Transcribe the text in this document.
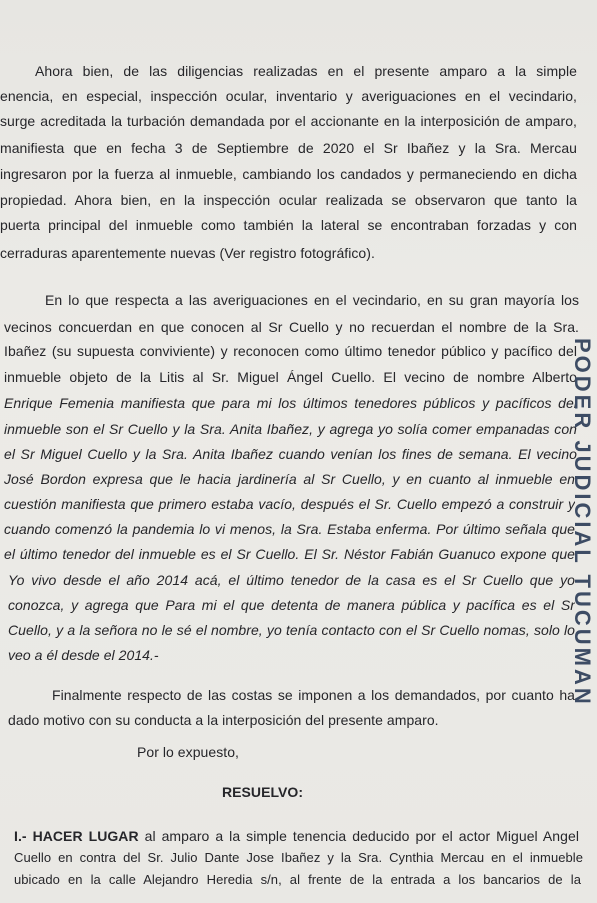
Ahora bien, de las diligencias realizadas en el presente amparo a la simple
enencia, en especial, inspección ocular, inventario y averiguaciones en el vecindario,
surge acreditada la turbación demandada por el accionante en la interposición de amparo,
manifiesta que en fecha 3 de Septiembre de 2020 el Sr Ibañez y la Sra. Mercau
ingresaron por la fuerza al inmueble, cambiando los candados y permaneciendo en dicha
propiedad. Ahora bien, en la inspección ocular realizada se observaron que tanto la
puerta principal del inmueble como también la lateral se encontraban forzadas y con
cerraduras aparentemente nuevas (Ver registro fotográfico).
En lo que respecta a las averiguaciones en el vecindario, en su gran mayoría los
vecinos concuerdan en que conocen al Sr Cuello y no recuerdan el nombre de la Sra.
Ibañez (su supuesta conviviente) y reconocen como último tenedor público y pacífico del
inmueble objeto de la Litis al Sr. Miguel Ángel Cuello. El vecino de nombre Alberto
Enrique Femenia manifiesta que para mi los últimos tenedores públicos y pacíficos del
inmueble son el Sr Cuello y la Sra. Anita Ibañez, y agrega yo solía comer empanadas con
el Sr Miguel Cuello y la Sra. Anita Ibañez cuando venían los fines de semana. El vecino
José Bordon expresa que le hacia jardinería al Sr Cuello, y en cuanto al inmueble en
cuestión manifiesta que primero estaba vacío, después el Sr. Cuello empezó a construir y
cuando comenzó la pandemia lo vi menos, la Sra. Estaba enferma. Por último señala que
el último tenedor del inmueble es el Sr Cuello. El Sr. Néstor Fabián Guanuco expone que
Yo vivo desde el año 2014 acá, el último tenedor de la casa es el Sr Cuello que yo
conozca, y agrega que Para mi el que detenta de manera pública y pacífica es el Sr
Cuello, y a la señora no le sé el nombre, yo tenía contacto con el Sr Cuello nomas, solo lo
veo a él desde el 2014.-
Finalmente respecto de las costas se imponen a los demandados, por cuanto ha
dado motivo con su conducta a la interposición del presente amparo.
Por lo expuesto,
RESUELVO:
I.- HACER LUGAR al amparo a la simple tenencia deducido por el actor Miguel Angel
Cuello en contra del Sr. Julio Dante Jose Ibañez y la Sra. Cynthia Mercau en el inmueble
ubicado en la calle Alejandro Heredia s/n, al frente de la entrada a los bancarios de la
PODER JUDICIAL TUCUMAN
